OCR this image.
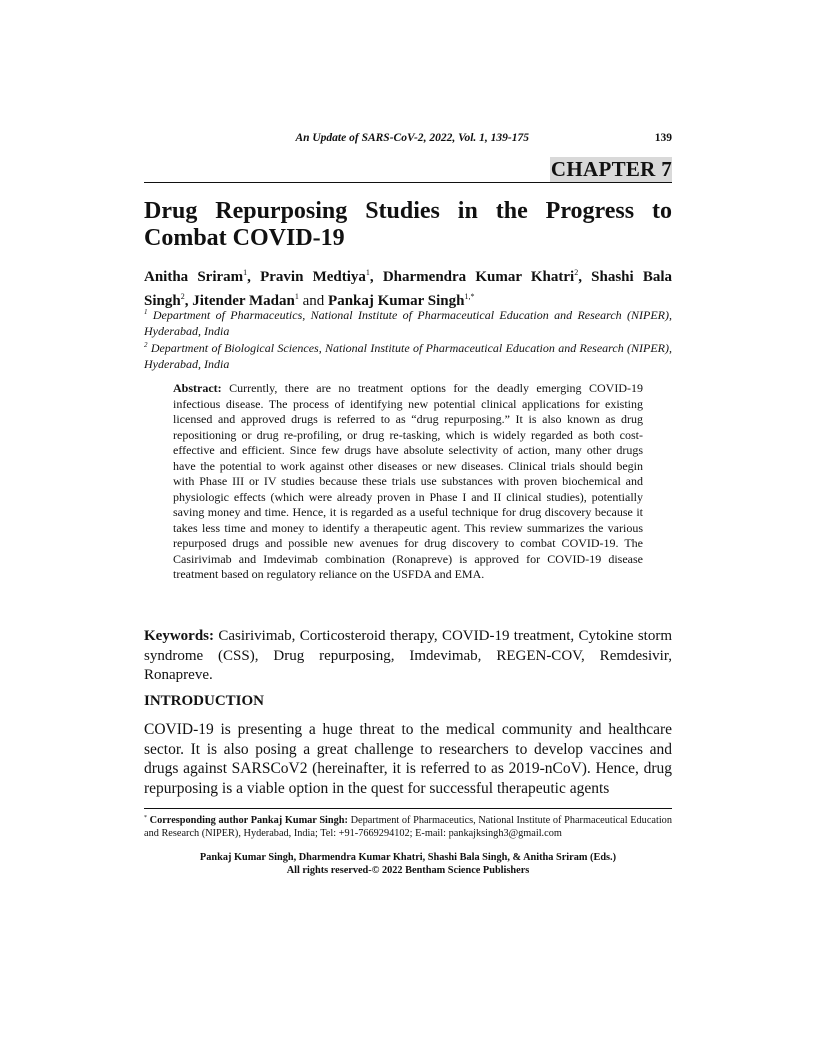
An Update of SARS-CoV-2, 2022, Vol. 1, 139-175	139
CHAPTER 7
Drug Repurposing Studies in the Progress to
Combat COVID-19
Anitha Sriram$^1$, Pravin Medtiya$^1$, Dharmendra Kumar Khatri$^2$, Shashi Bala Singh$^2$, Jitender Madan$^1$ and Pankaj Kumar Singh$^{1,*}$
$^1$ Department of Pharmaceutics, National Institute of Pharmaceutical Education and Research (NIPER), Hyderabad, India
$^2$ Department of Biological Sciences, National Institute of Pharmaceutical Education and Research (NIPER), Hyderabad, India
Abstract: Currently, there are no treatment options for the deadly emerging COVID-19 infectious disease. The process of identifying new potential clinical applications for existing licensed and approved drugs is referred to as “drug repurposing.” It is also known as drug repositioning or drug re-profiling, or drug re-tasking, which is widely regarded as both cost-effective and efficient. Since few drugs have absolute selectivity of action, many other drugs have the potential to work against other diseases or new diseases. Clinical trials should begin with Phase III or IV studies because these trials use substances with proven biochemical and physiologic effects (which were already proven in Phase I and II clinical studies), potentially saving money and time. Hence, it is regarded as a useful technique for drug discovery because it takes less time and money to identify a therapeutic agent. This review summarizes the various repurposed drugs and possible new avenues for drug discovery to combat COVID-19. The Casirivimab and Imdevimab combination (Ronapreve) is approved for COVID-19 disease treatment based on regulatory reliance on the USFDA and EMA.
Keywords: Casirivimab, Corticosteroid therapy, COVID-19 treatment, Cytokine storm syndrome (CSS), Drug repurposing, Imdevimab, REGEN-COV, Remdesivir, Ronapreve.
INTRODUCTION
COVID-19 is presenting a huge threat to the medical community and healthcare sector. It is also posing a great challenge to researchers to develop vaccines and drugs against SARSCoV2 (hereinafter, it is referred to as 2019-nCoV). Hence, drug repurposing is a viable option in the quest for successful therapeutic agents
* Corresponding author Pankaj Kumar Singh: Department of Pharmaceutics, National Institute of Pharmaceutical Education and Research (NIPER), Hyderabad, India; Tel: +91-7669294102; E-mail: pankajksingh3@gmail.com
Pankaj Kumar Singh, Dharmendra Kumar Khatri, Shashi Bala Singh, & Anitha Sriram (Eds.)
All rights reserved-© 2022 Bentham Science Publishers
